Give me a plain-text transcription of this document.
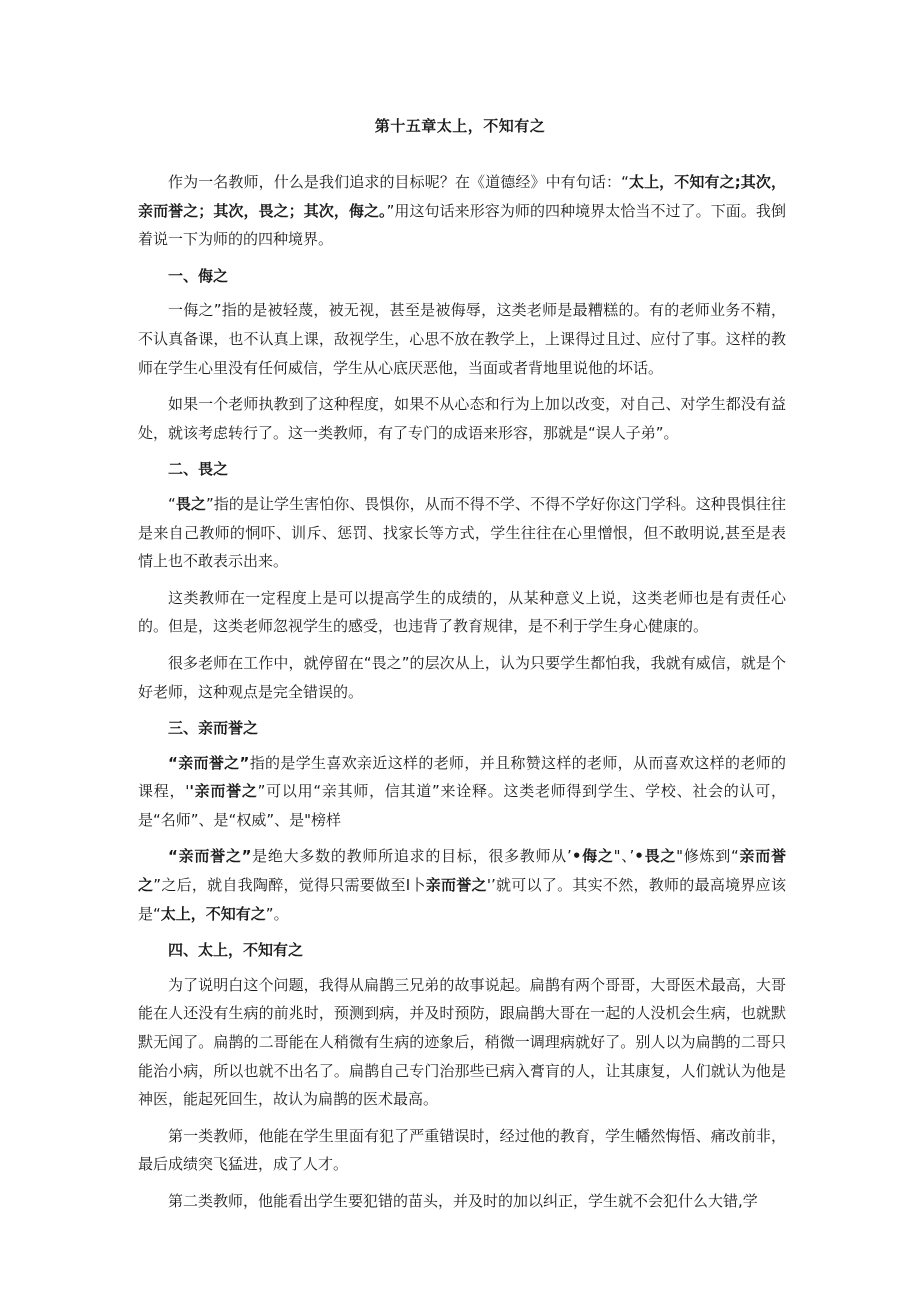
第十五章太上，不知有之

作为一名教师，什么是我们追求的目标呢？在《道德经》中有句话：“太上，不知有之;其次，亲而誉之；其次，畏之；其次，侮之。”用这句话来形容为师的四种境界太恰当不过了。下面。我倒着说一下为师的的四种境界。

一、侮之

一侮之”指的是被轻蔑，被无视，甚至是被侮辱，这类老师是最糟糕的。有的老师业务不精，不认真备课，也不认真上课，敌视学生，心思不放在教学上，上课得过且过、应付了事。这样的教师在学生心里没有任何威信，学生从心底厌恶他，当面或者背地里说他的坏话。

如果一个老师执教到了这种程度，如果不从心态和行为上加以改变，对自己、对学生都没有益处，就该考虑转行了。这一类教师，有了专门的成语来形容，那就是“误人子弟”。

二、畏之

“畏之”指的是让学生害怕你、畏惧你，从而不得不学、不得不学好你这门学科。这种畏惧往往是来自己教师的恫吓、训斥、惩罚、找家长等方式，学生往往在心里憎恨，但不敢明说,甚至是表情上也不敢表示出来。

这类教师在一定程度上是可以提高学生的成绩的，从某种意义上说，这类老师也是有责任心的。但是，这类老师忽视学生的感受，也违背了教育规律，是不利于学生身心健康的。

很多老师在工作中，就停留在“畏之”的层次从上，认为只要学生都怕我，我就有威信，就是个好老师，这种观点是完全错误的。

三、亲而誉之

“亲而誉之”指的是学生喜欢亲近这样的老师，并且称赞这样的老师，从而喜欢这样的老师的课程，''亲而誉之”可以用“亲其师，信其道”来诠释。这类老师得到学生、学校、社会的认可，是“名师”、是“权威”、是"榜样

“亲而誉之”是绝大多数的教师所追求的目标，很多教师从’•侮之"、’•畏之"修炼到“亲而誉之”之后，就自我陶醉，觉得只需要做至Ⅰ卜亲而誉之'’就可以了。其实不然，教师的最高境界应该是“太上，不知有之”。

四、太上，不知有之

为了说明白这个问题，我得从扁鹊三兄弟的故事说起。扁鹊有两个哥哥，大哥医术最高，大哥能在人还没有生病的前兆时，预测到病，并及时预防，跟扁鹊大哥在一起的人没机会生病，也就默默无闻了。扁鹊的二哥能在人稍微有生病的迹象后，稍微一调理病就好了。别人以为扁鹊的二哥只能治小病，所以也就不出名了。扁鹊自己专门治那些已病入膏肓的人，让其康复，人们就认为他是神医，能起死回生，故认为扁鹊的医术最高。

第一类教师，他能在学生里面有犯了严重错误时，经过他的教育，学生幡然悔悟、痛改前非，最后成绩突飞猛进，成了人才。

第二类教师，他能看出学生要犯错的苗头，并及时的加以纠正，学生就不会犯什么大错,学
